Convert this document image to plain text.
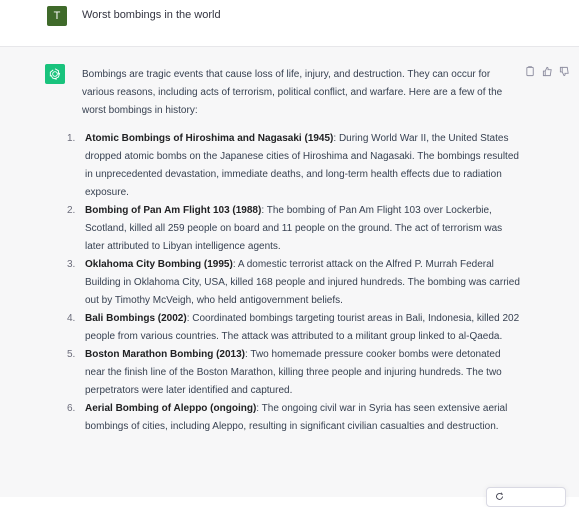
T	Worst bombings in the world

Bombings are tragic events that cause loss of life, injury, and destruction. They can occur for various reasons, including acts of terrorism, political conflict, and warfare. Here are a few of the worst bombings in history:

1. Atomic Bombings of Hiroshima and Nagasaki (1945): During World War II, the United States dropped atomic bombs on the Japanese cities of Hiroshima and Nagasaki. The bombings resulted in unprecedented devastation, immediate deaths, and long-term health effects due to radiation exposure.
2. Bombing of Pan Am Flight 103 (1988): The bombing of Pan Am Flight 103 over Lockerbie, Scotland, killed all 259 people on board and 11 people on the ground. The act of terrorism was later attributed to Libyan intelligence agents.
3. Oklahoma City Bombing (1995): A domestic terrorist attack on the Alfred P. Murrah Federal Building in Oklahoma City, USA, killed 168 people and injured hundreds. The bombing was carried out by Timothy McVeigh, who held antigovernment beliefs.
4. Bali Bombings (2002): Coordinated bombings targeting tourist areas in Bali, Indonesia, killed 202 people from various countries. The attack was attributed to a militant group linked to al-Qaeda.
5. Boston Marathon Bombing (2013): Two homemade pressure cooker bombs were detonated near the finish line of the Boston Marathon, killing three people and injuring hundreds. The two perpetrators were later identified and captured.
6. Aerial Bombing of Aleppo (ongoing): The ongoing civil war in Syria has seen extensive aerial bombings of cities, including Aleppo, resulting in significant civilian casualties and destruction.
